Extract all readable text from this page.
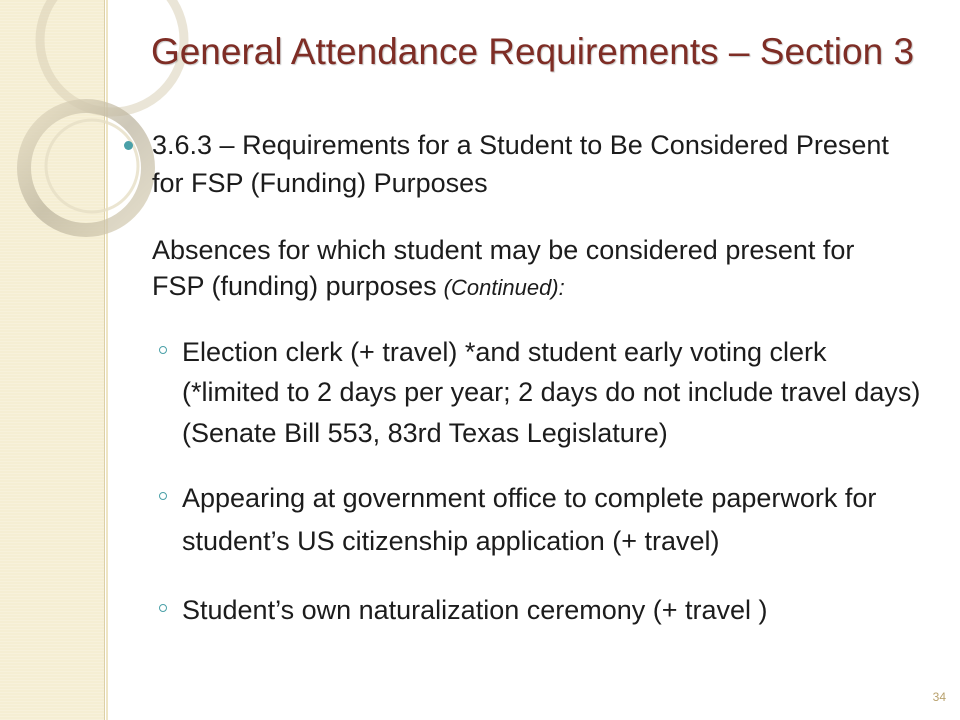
General Attendance Requirements – Section 3
3.6.3 – Requirements for a Student to Be Considered Present
for FSP (Funding) Purposes
Absences for which student may be considered present for
FSP (funding) purposes (Continued):
Election clerk (+ travel) *and student early voting clerk
(*limited to 2 days per year; 2 days do not include travel days)
(Senate Bill 553, 83rd Texas Legislature)
Appearing at government office to complete paperwork for
student’s US citizenship application (+ travel)
Student’s own naturalization ceremony (+ travel )
34
